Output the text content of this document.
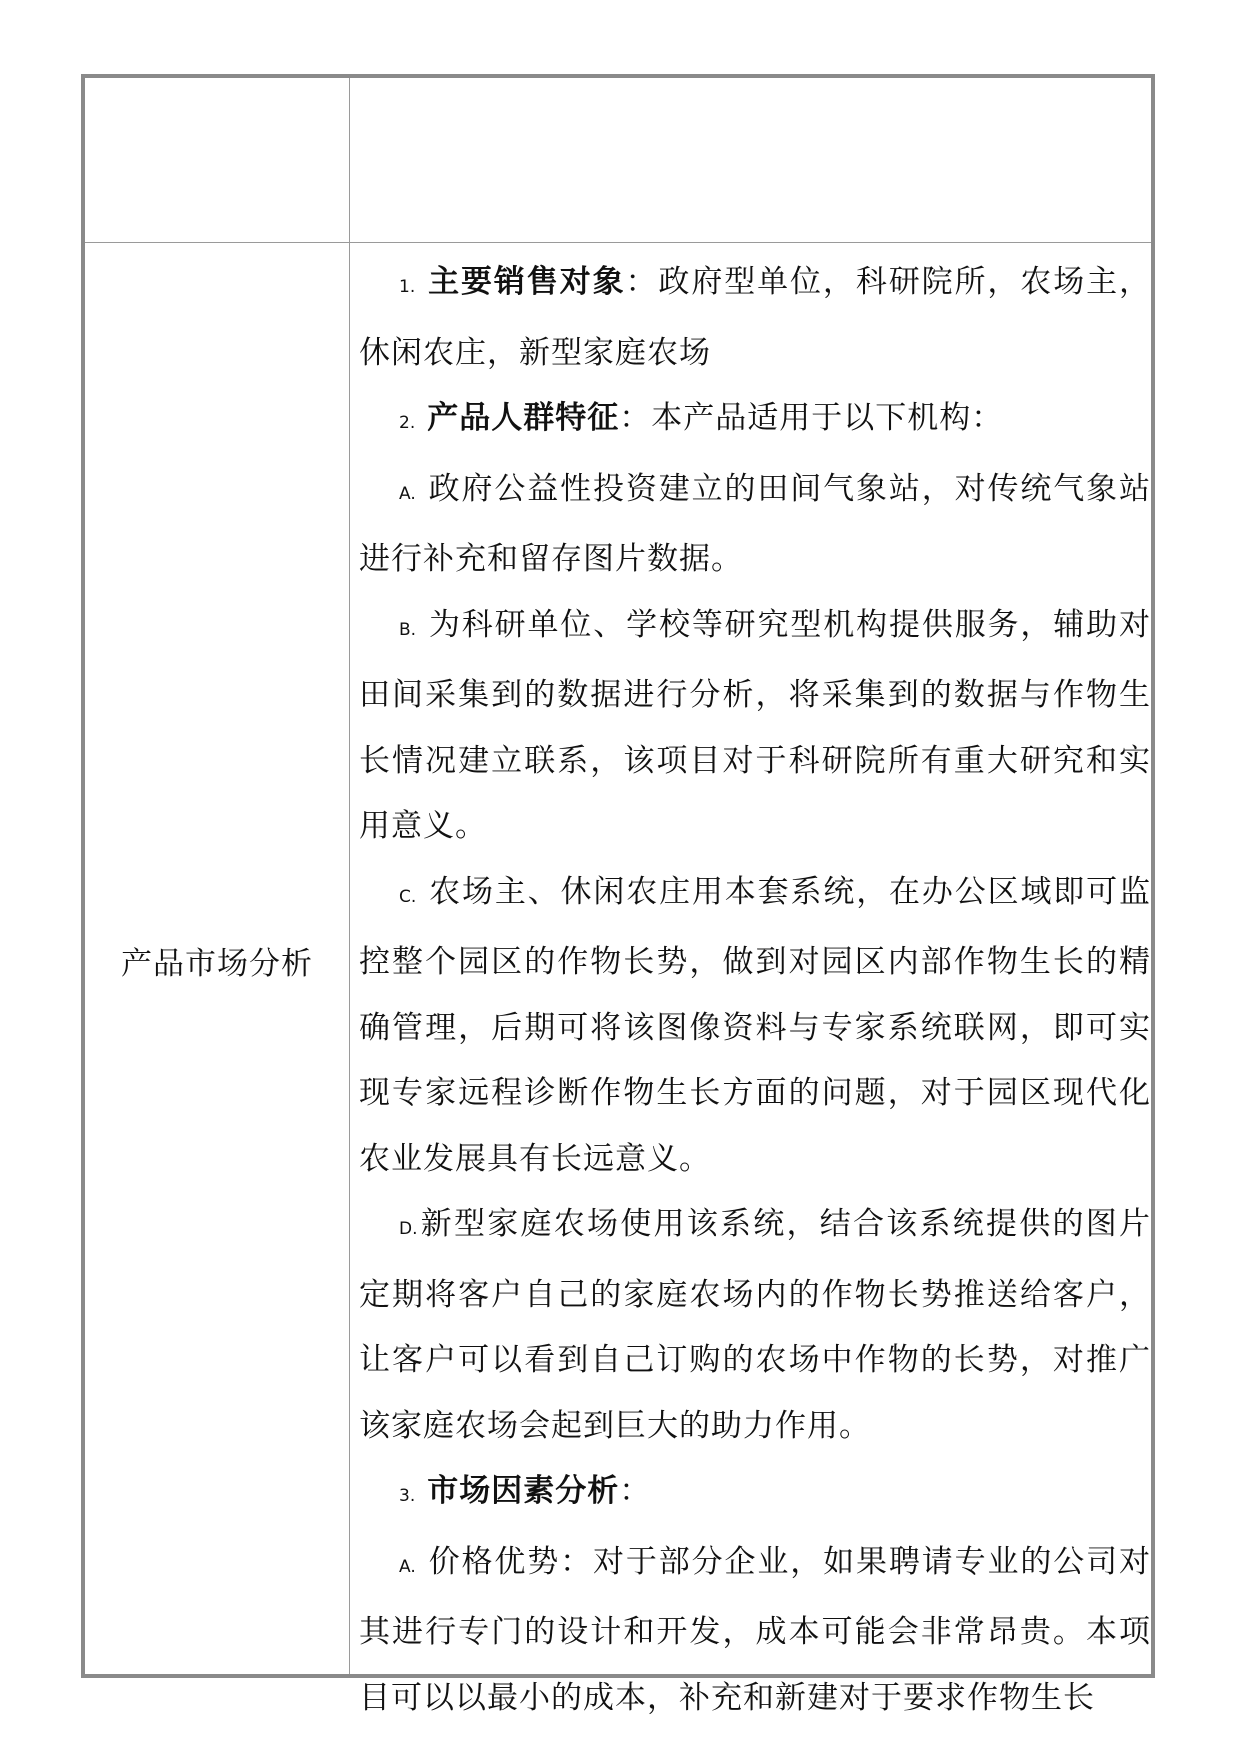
产品市场分析

1. 主要销售对象：政府型单位，科研院所，农场主，休闲农庄，新型家庭农场

2. 产品人群特征：本产品适用于以下机构：

A. 政府公益性投资建立的田间气象站，对传统气象站进行补充和留存图片数据。

B. 为科研单位、学校等研究型机构提供服务，辅助对田间采集到的数据进行分析，将采集到的数据与作物生长情况建立联系，该项目对于科研院所有重大研究和实用意义。

C. 农场主、休闲农庄用本套系统，在办公区域即可监控整个园区的作物长势，做到对园区内部作物生长的精确管理，后期可将该图像资料与专家系统联网，即可实现专家远程诊断作物生长方面的问题，对于园区现代化农业发展具有长远意义。

D.新型家庭农场使用该系统，结合该系统提供的图片定期将客户自己的家庭农场内的作物长势推送给客户，让客户可以看到自己订购的农场中作物的长势，对推广该家庭农场会起到巨大的助力作用。

3. 市场因素分析：

A. 价格优势：对于部分企业，如果聘请专业的公司对其进行专门的设计和开发，成本可能会非常昂贵。本项目可以以最小的成本，补充和新建对于要求作物生长
